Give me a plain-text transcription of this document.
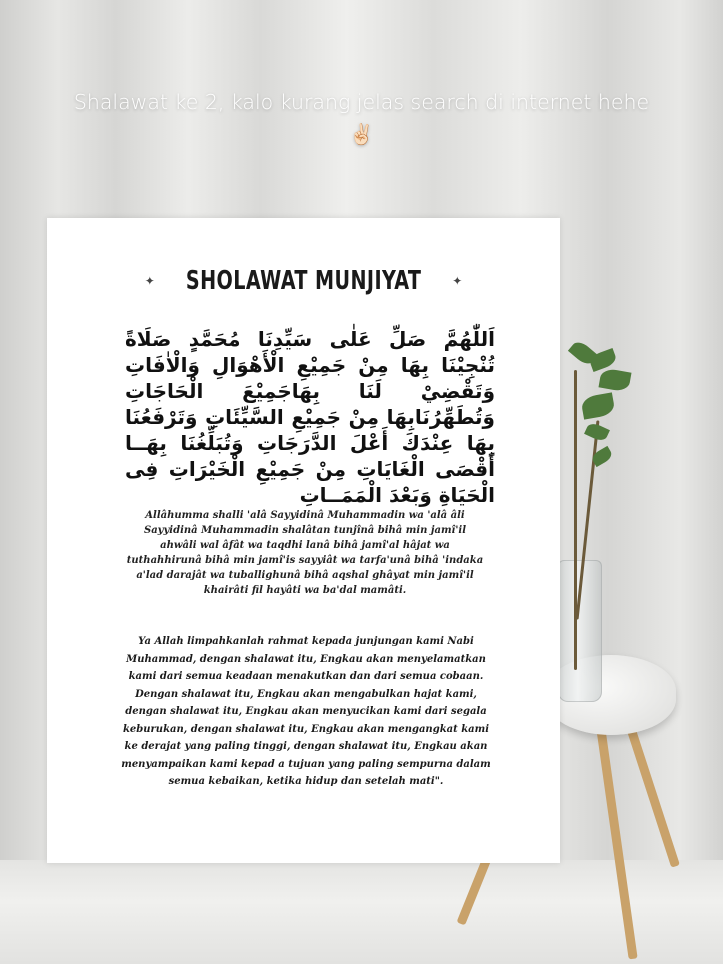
Shalawat ke 2, kalo kurang jelas search di internet hehe ✌🏻
✦ SHOLAWAT MUNJIYAT	✦
اَللّٰهُمَّ صَلِّ عَلٰى سَيِّدِنَا مُحَمَّدٍ صَلَاةً تُنْجِيْنَا بِهَا مِنْ جَمِيْعِ الْأَهْوَالِ وَالْاٰفَاتِ وَتَقْضِيْ لَنَا بِهَاجَمِيْعَ الْحَاجَاتِ وَتُطَهِّرُنَابِهَا مِنْ جَمِيْعِ السَّيِّئَاتِ وَتَرْفَعُنَا بِهَا عِنْدَكَ أَعْلَ الدَّرَجَاتِ وَتُبَلِّغُنَا بِهَــا أَقْصَى الْغَايَاتِ مِنْ جَمِيْعِ الْخَيْرَاتِ فِى الْحَيَاةِ وَبَعْدَ الْمَمَــاتِ
Allâhumma shalli 'alâ Sayyidinâ Muhammadin wa 'alâ âli Sayyidinâ Muhammadin shalâtan tunjînâ bihâ min jamî'il ahwâli wal âfât wa taqdhi lanâ bihâ jamî'al hâjat wa tuthahhirunâ bihâ min jamî'is sayyiât wa tarfa'unâ bihâ 'indaka a'lad darajât wa tuballighunâ bihâ aqshal ghâyat min jamî'il khairâti fil hayâti wa ba'dal mamâti.
Ya Allah limpahkanlah rahmat kepada junjungan kami Nabi Muhammad, dengan shalawat itu, Engkau akan menyelamatkan kami dari semua keadaan menakutkan dan dari semua cobaan. Dengan shalawat itu, Engkau akan mengabulkan hajat kami, dengan shalawat itu, Engkau akan menyucikan kami dari segala keburukan, dengan shalawat itu, Engkau akan mengangkat kami ke derajat yang paling tinggi, dengan shalawat itu, Engkau akan menyampaikan kami kepad a tujuan yang paling sempurna dalam semua kebaikan, ketika hidup dan setelah mati".
